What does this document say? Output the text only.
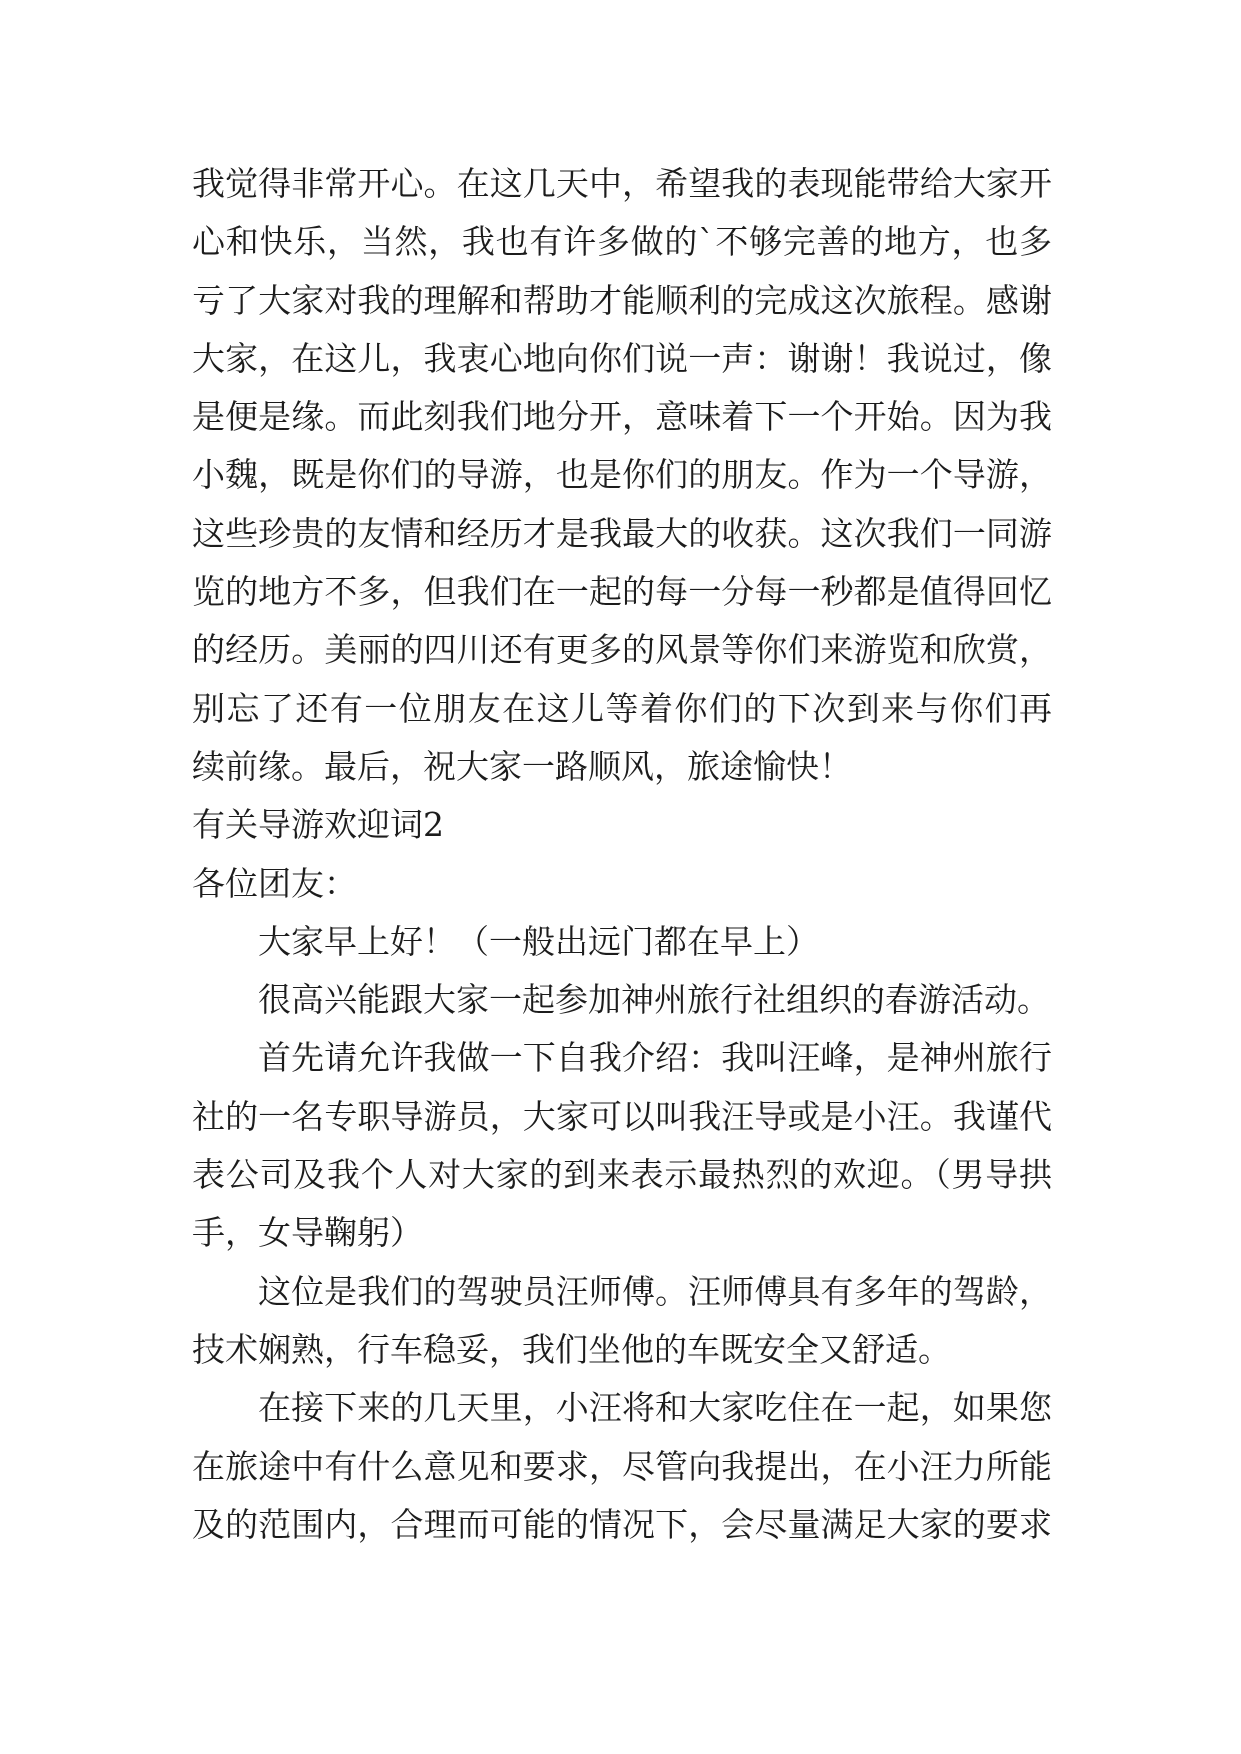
我觉得非常开心。在这几天中，希望我的表现能带给大家开
心和快乐，当然，我也有许多做的`不够完善的地方，也多
亏了大家对我的理解和帮助才能顺利的完成这次旅程。感谢
大家，在这儿，我衷心地向你们说一声：谢谢！我说过，像
是便是缘。而此刻我们地分开，意味着下一个开始。因为我
小魏，既是你们的导游，也是你们的朋友。作为一个导游，
这些珍贵的友情和经历才是我最大的收获。这次我们一同游
览的地方不多，但我们在一起的每一分每一秒都是值得回忆
的经历。美丽的四川还有更多的风景等你们来游览和欣赏，
别忘了还有一位朋友在这儿等着你们的下次到来与你们再
续前缘。最后，祝大家一路顺风，旅途愉快！
有关导游欢迎词2
各位团友：
大家早上好！（一般出远门都在早上）
很高兴能跟大家一起参加神州旅行社组织的春游活动。
首先请允许我做一下自我介绍：我叫汪峰，是神州旅行
社的一名专职导游员，大家可以叫我汪导或是小汪。我谨代
表公司及我个人对大家的到来表示最热烈的欢迎。（男导拱
手，女导鞠躬）
这位是我们的驾驶员汪师傅。汪师傅具有多年的驾龄，
技术娴熟，行车稳妥，我们坐他的车既安全又舒适。
在接下来的几天里，小汪将和大家吃住在一起，如果您
在旅途中有什么意见和要求，尽管向我提出，在小汪力所能
及的范围内，合理而可能的情况下，会尽量满足大家的要求
